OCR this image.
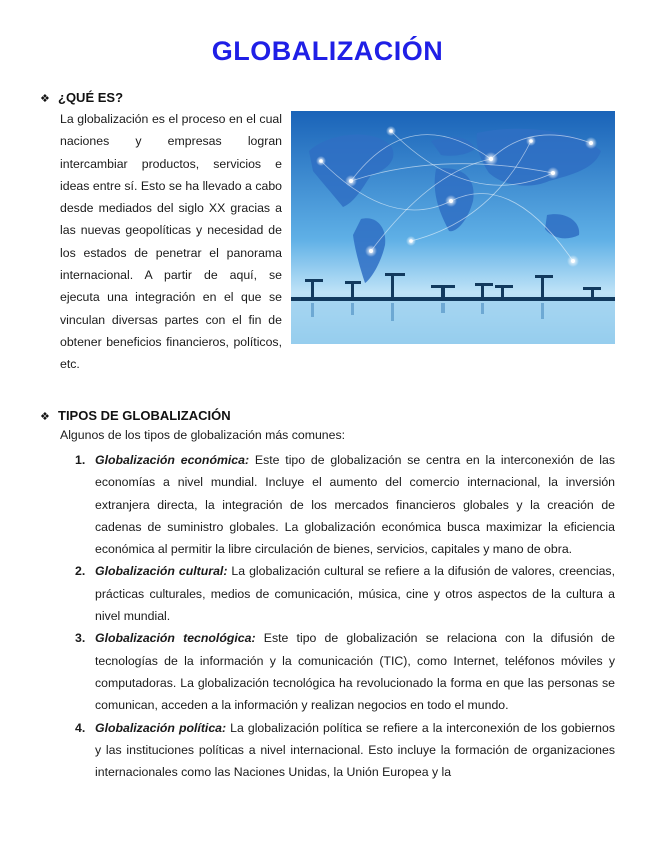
GLOBALIZACIÓN
❖ ¿QUÉ ES?

La globalización es el proceso en el cual naciones y empresas logran intercambiar productos, servicios e ideas entre sí. Esto se ha llevado a cabo desde mediados del siglo XX gracias a las nuevas geopolíticas y necesidad de los estados de penetrar el panorama internacional. A partir de aquí, se ejecuta una integración en el que se vinculan diversas partes con el fin de obtener beneficios financieros, políticos, etc.

❖ TIPOS DE GLOBALIZACIÓN

Algunos de los tipos de globalización más comunes:

1. Globalización económica: Este tipo de globalización se centra en la interconexión de las economías a nivel mundial. Incluye el aumento del comercio internacional, la inversión extranjera directa, la integración de los mercados financieros globales y la creación de cadenas de suministro globales. La globalización económica busca maximizar la eficiencia económica al permitir la libre circulación de bienes, servicios, capitales y mano de obra.
2. Globalización cultural: La globalización cultural se refiere a la difusión de valores, creencias, prácticas culturales, medios de comunicación, música, cine y otros aspectos de la cultura a nivel mundial.
3. Globalización tecnológica: Este tipo de globalización se relaciona con la difusión de tecnologías de la información y la comunicación (TIC), como Internet, teléfonos móviles y computadoras. La globalización tecnológica ha revolucionado la forma en que las personas se comunican, acceden a la información y realizan negocios en todo el mundo.
4. Globalización política: La globalización política se refiere a la interconexión de los gobiernos y las instituciones políticas a nivel internacional. Esto incluye la formación de organizaciones internacionales como las Naciones Unidas, la Unión Europea y la
